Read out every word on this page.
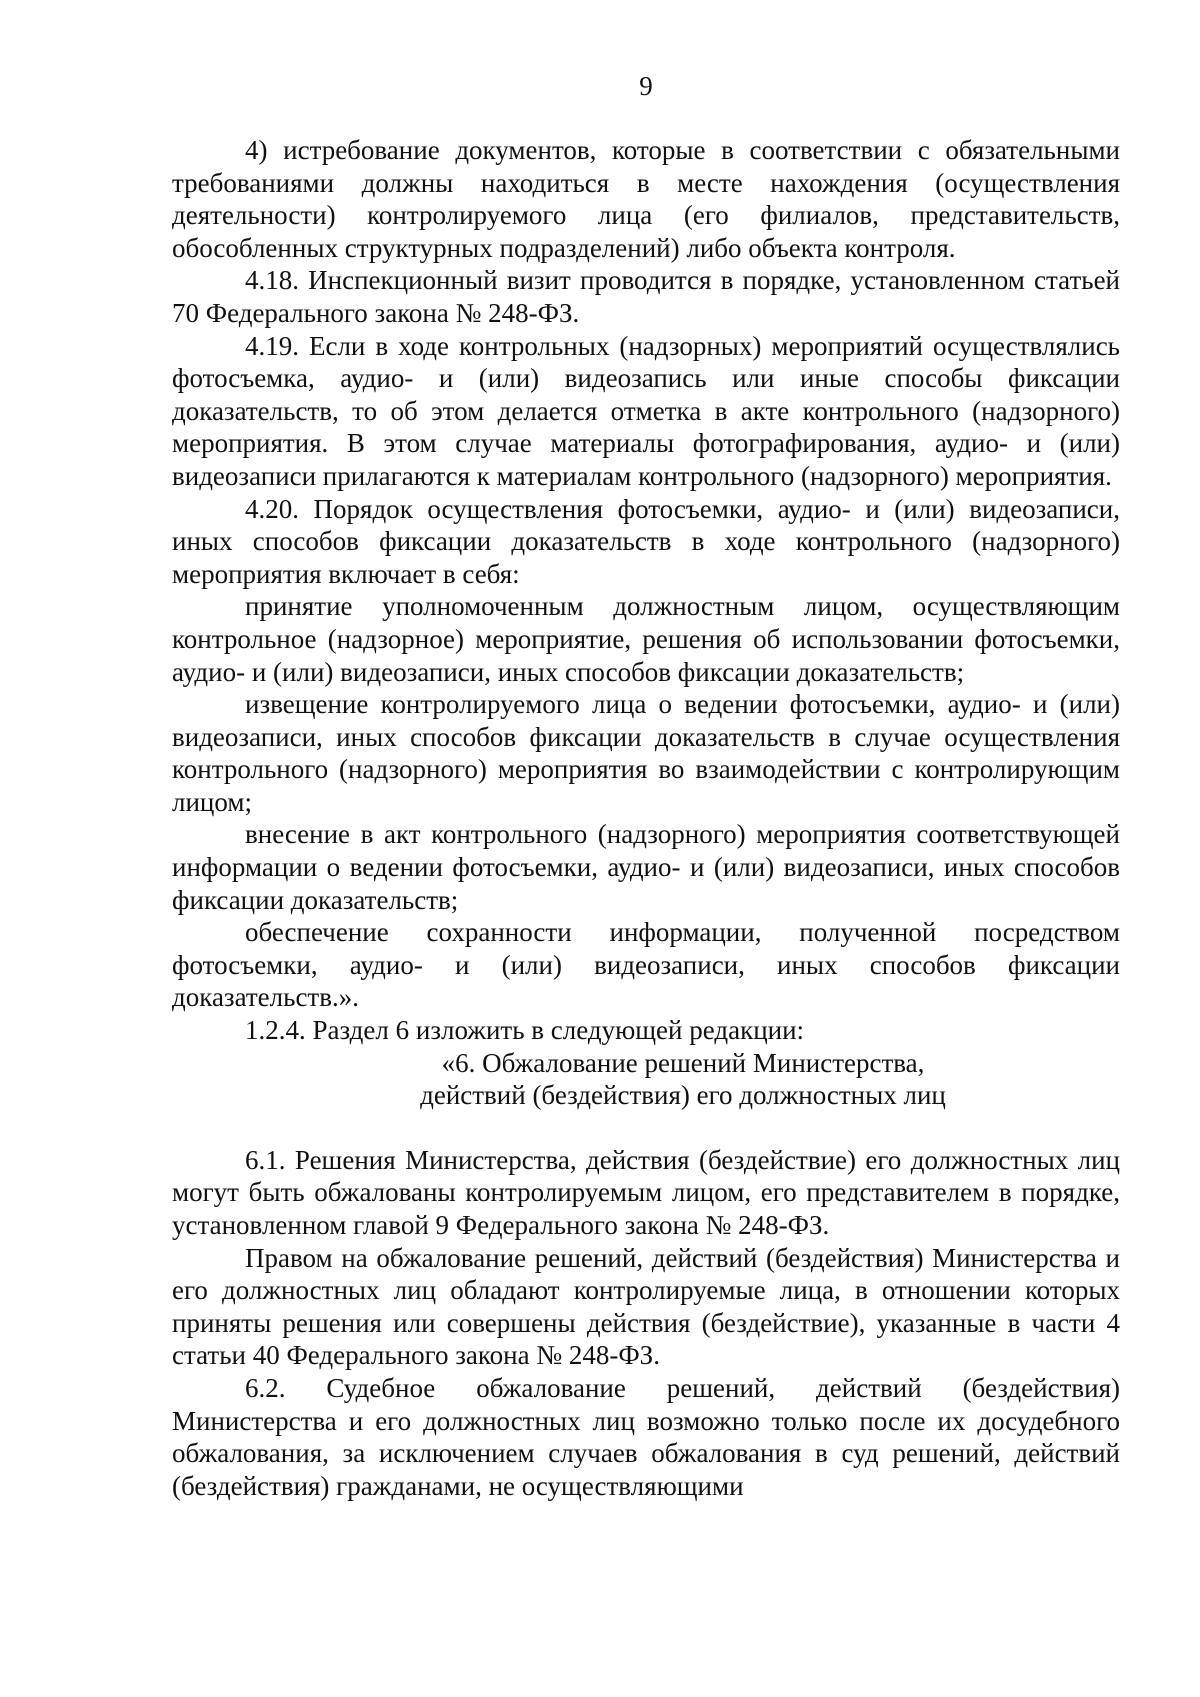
9

4) истребование документов, которые в соответствии с обязательными требованиями должны находиться в месте нахождения (осуществления деятельности) контролируемого лица (его филиалов, представительств, обособленных структурных подразделений) либо объекта контроля.

4.18. Инспекционный визит проводится в порядке, установленном статьей 70 Федерального закона № 248-ФЗ.

4.19. Если в ходе контрольных (надзорных) мероприятий осуществлялись фотосъемка, аудио- и (или) видеозапись или иные способы фиксации доказательств, то об этом делается отметка в акте контрольного (надзорного) мероприятия. В этом случае материалы фотографирования, аудио- и (или) видеозаписи прилагаются к материалам контрольного (надзорного) мероприятия.

4.20. Порядок осуществления фотосъемки, аудио- и (или) видеозаписи, иных способов фиксации доказательств в ходе контрольного (надзорного) мероприятия включает в себя:

принятие уполномоченным должностным лицом, осуществляющим контрольное (надзорное) мероприятие, решения об использовании фотосъемки, аудио- и (или) видеозаписи, иных способов фиксации доказательств;

извещение контролируемого лица о ведении фотосъемки, аудио- и (или) видеозаписи, иных способов фиксации доказательств в случае осуществления контрольного (надзорного) мероприятия во взаимодействии с контролирующим лицом;

внесение в акт контрольного (надзорного) мероприятия соответствующей информации о ведении фотосъемки, аудио- и (или) видеозаписи, иных способов фиксации доказательств;

обеспечение сохранности информации, полученной посредством фотосъемки, аудио- и (или) видеозаписи, иных способов фиксации доказательств.».

1.2.4. Раздел 6 изложить в следующей редакции:

«6. Обжалование решений Министерства,

действий (бездействия) его должностных лиц

6.1. Решения Министерства, действия (бездействие) его должностных лиц могут быть обжалованы контролируемым лицом, его представителем в порядке, установленном главой 9 Федерального закона № 248-ФЗ.

Правом на обжалование решений, действий (бездействия) Министерства и его должностных лиц обладают контролируемые лица, в отношении которых приняты решения или совершены действия (бездействие), указанные в части 4 статьи 40 Федерального закона № 248-ФЗ.

6.2. Судебное обжалование решений, действий (бездействия) Министерства и его должностных лиц возможно только после их досудебного обжалования, за исключением случаев обжалования в суд решений, действий (бездействия) гражданами, не осуществляющими
